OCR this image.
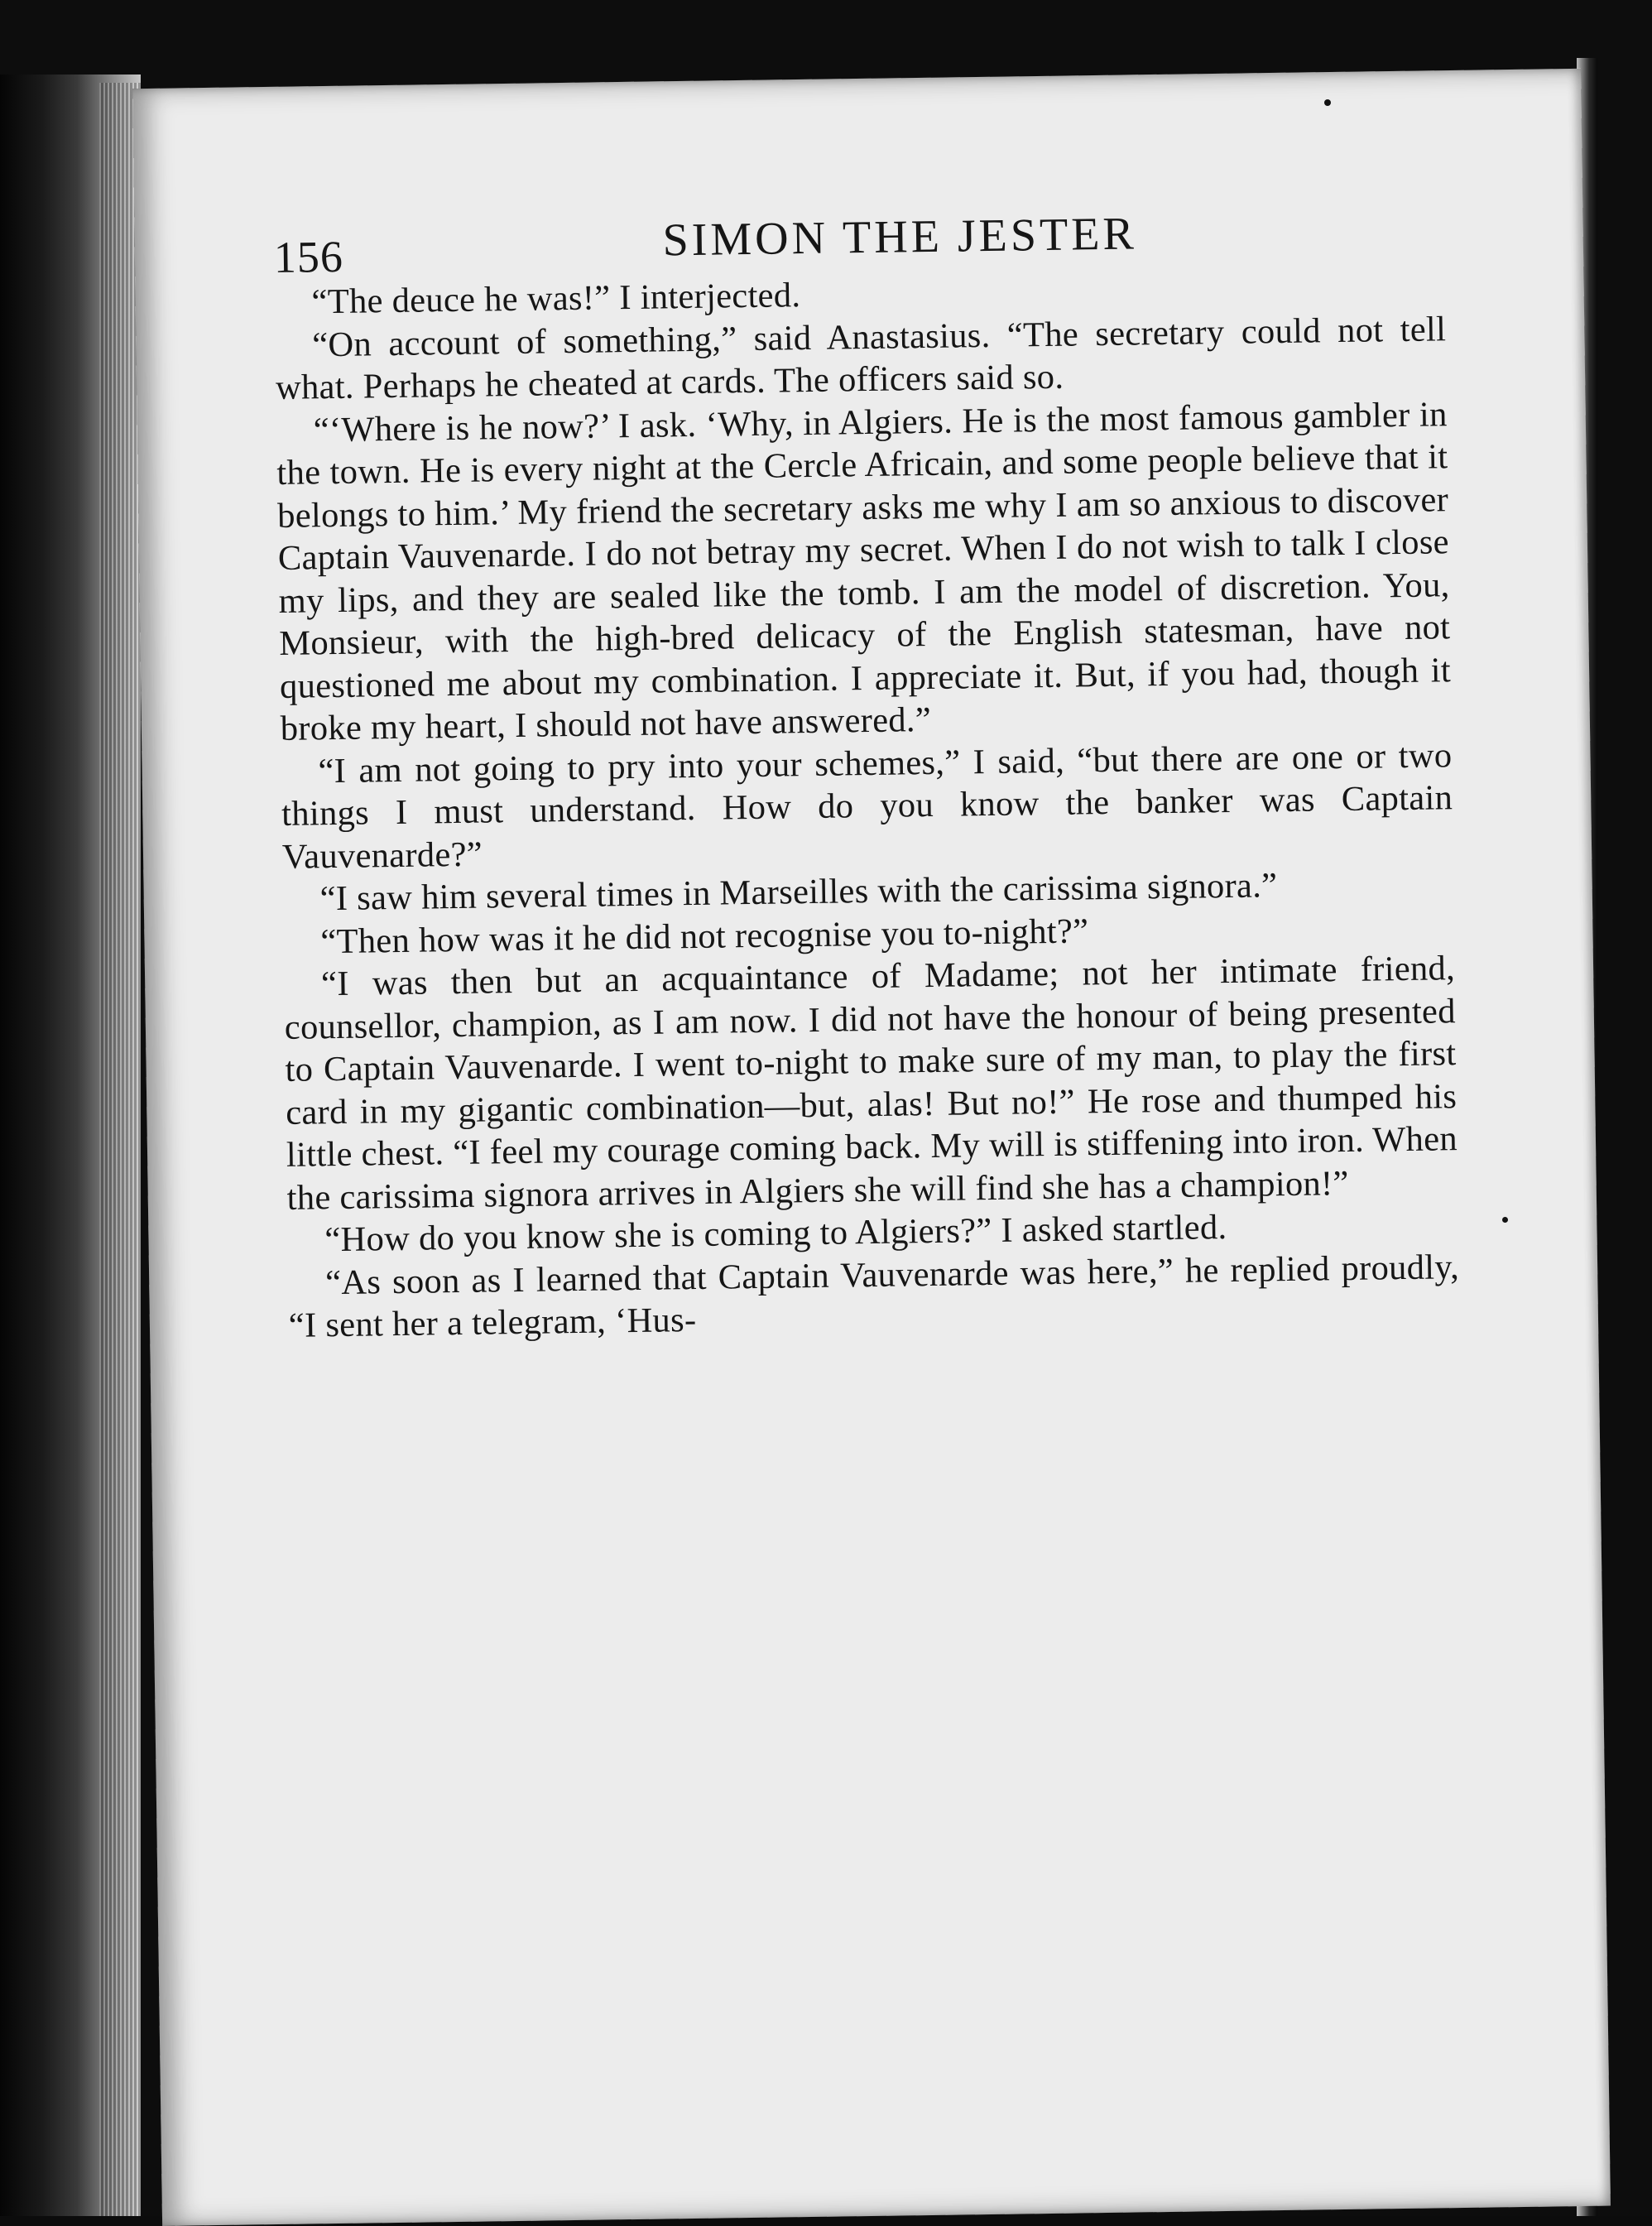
156	SIMON THE JESTER

“The deuce he was!” I interjected.

“On account of something,” said Anastasius. “The secretary could not tell what. Perhaps he cheated at cards. The officers said so.

“‘Where is he now?’ I ask. ‘Why, in Algiers. He is the most famous gambler in the town. He is every night at the Cercle Africain, and some people believe that it belongs to him.’ My friend the secretary asks me why I am so anxious to discover Captain Vauvenarde. I do not betray my secret. When I do not wish to talk I close my lips, and they are sealed like the tomb. I am the model of discretion. You, Monsieur, with the high-bred delicacy of the English statesman, have not questioned me about my combination. I appreciate it. But, if you had, though it broke my heart, I should not have answered.”

“I am not going to pry into your schemes,” I said, “but there are one or two things I must understand. How do you know the banker was Captain Vauvenarde?”

“I saw him several times in Marseilles with the carissima signora.”

“Then how was it he did not recognise you to-night?”

“I was then but an acquaintance of Madame; not her intimate friend, counsellor, champion, as I am now. I did not have the honour of being presented to Captain Vauvenarde. I went to-night to make sure of my man, to play the first card in my gigantic combination—but, alas! But no!” He rose and thumped his little chest. “I feel my courage coming back. My will is stiffening into iron. When the carissima signora arrives in Algiers she will find she has a champion!”

“How do you know she is coming to Algiers?” I asked startled.

“As soon as I learned that Captain Vauvenarde was here,” he replied proudly, “I sent her a telegram, ‘Hus-
